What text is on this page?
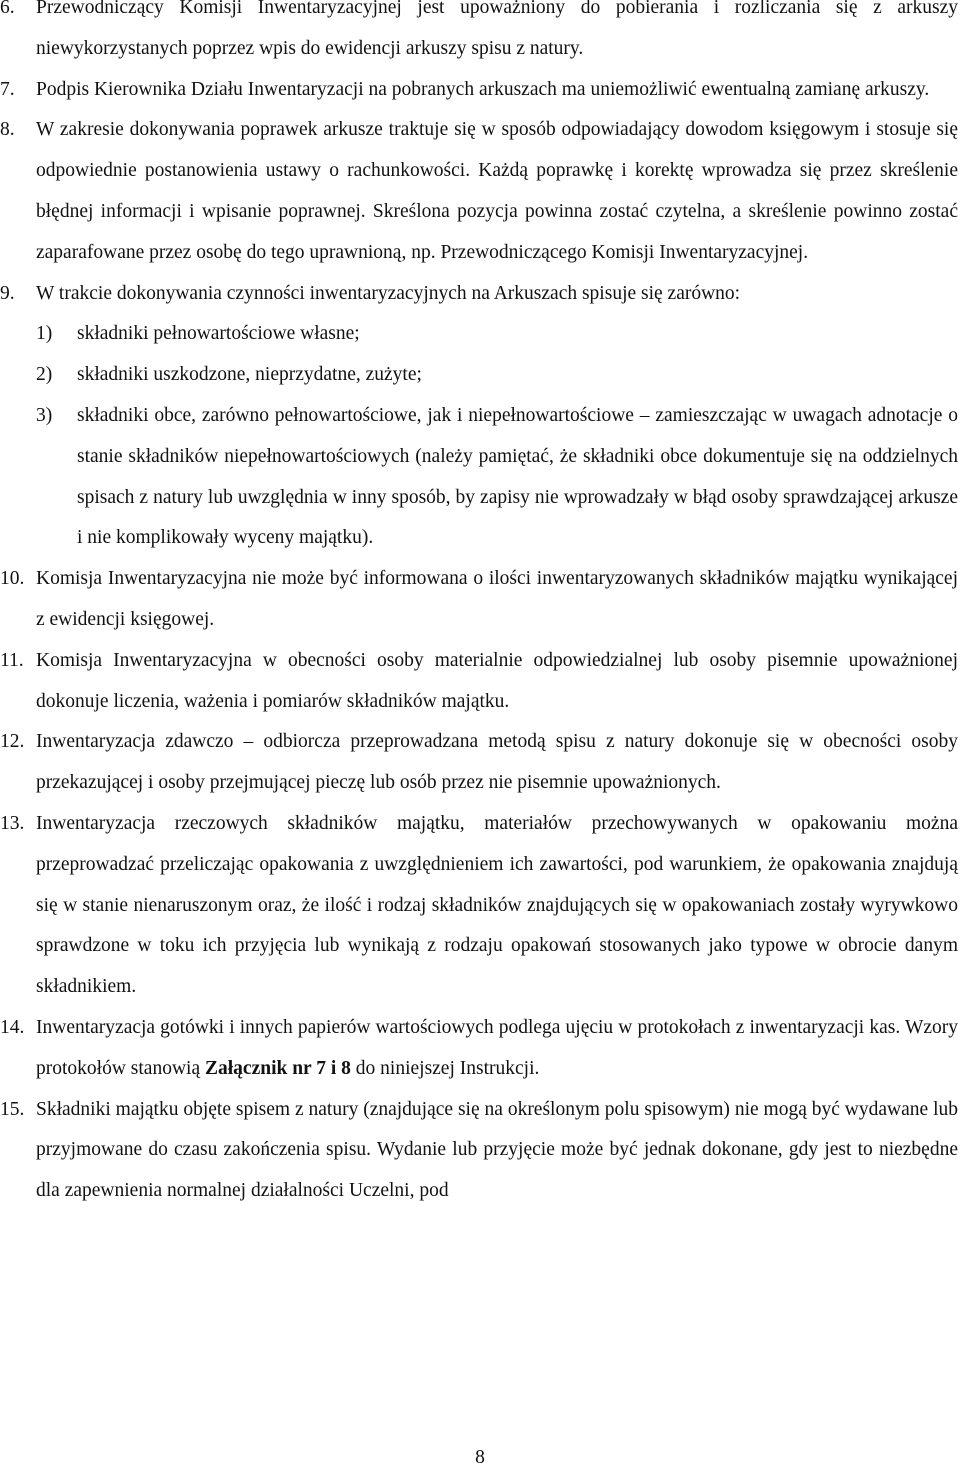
6. Przewodniczący Komisji Inwentaryzacyjnej jest upoważniony do pobierania i rozliczania się z arkuszy niewykorzystanych poprzez wpis do ewidencji arkuszy spisu z natury.
7. Podpis Kierownika Działu Inwentaryzacji na pobranych arkuszach ma uniemożliwić ewentualną zamianę arkuszy.
8. W zakresie dokonywania poprawek arkusze traktuje się w sposób odpowiadający dowodom księgowym i stosuje się odpowiednie postanowienia ustawy o rachunkowości. Każdą poprawkę i korektę wprowadza się przez skreślenie błędnej informacji i wpisanie poprawnej. Skreślona pozycja powinna zostać czytelna, a skreślenie powinno zostać zaparafowane przez osobę do tego uprawnioną, np. Przewodniczącego Komisji Inwentaryzacyjnej.
9. W trakcie dokonywania czynności inwentaryzacyjnych na Arkuszach spisuje się zarówno:
1) składniki pełnowartościowe własne;
2) składniki uszkodzone, nieprzydatne, zużyte;
3) składniki obce, zarówno pełnowartościowe, jak i niepełnowartościowe – zamieszczając w uwagach adnotacje o stanie składników niepełnowartościowych (należy pamiętać, że składniki obce dokumentuje się na oddzielnych spisach z natury lub uwzględnia w inny sposób, by zapisy nie wprowadzały w błąd osoby sprawdzającej arkusze i nie komplikowały wyceny majątku).
10. Komisja Inwentaryzacyjna nie może być informowana o ilości inwentaryzowanych składników majątku wynikającej z ewidencji księgowej.
11. Komisja Inwentaryzacyjna w obecności osoby materialnie odpowiedzialnej lub osoby pisemnie upoważnionej dokonuje liczenia, ważenia i pomiarów składników majątku.
12. Inwentaryzacja zdawczo – odbiorcza przeprowadzana metodą spisu z natury dokonuje się w obecności osoby przekazującej i osoby przejmującej pieczę lub osób przez nie pisemnie upoważnionych.
13. Inwentaryzacja rzeczowych składników majątku, materiałów przechowywanych w opakowaniu można przeprowadzać przeliczając opakowania z uwzględnieniem ich zawartości, pod warunkiem, że opakowania znajdują się w stanie nienaruszonym oraz, że ilość i rodzaj składników znajdujących się w opakowaniach zostały wyrywkowo sprawdzone w toku ich przyjęcia lub wynikają z rodzaju opakowań stosowanych jako typowe w obrocie danym składnikiem.
14. Inwentaryzacja gotówki i innych papierów wartościowych podlega ujęciu w protokołach z inwentaryzacji kas. Wzory protokołów stanowią Załącznik nr 7 i 8 do niniejszej Instrukcji.
15. Składniki majątku objęte spisem z natury (znajdujące się na określonym polu spisowym) nie mogą być wydawane lub przyjmowane do czasu zakończenia spisu. Wydanie lub przyjęcie może być jednak dokonane, gdy jest to niezbędne dla zapewnienia normalnej działalności Uczelni, pod
8
